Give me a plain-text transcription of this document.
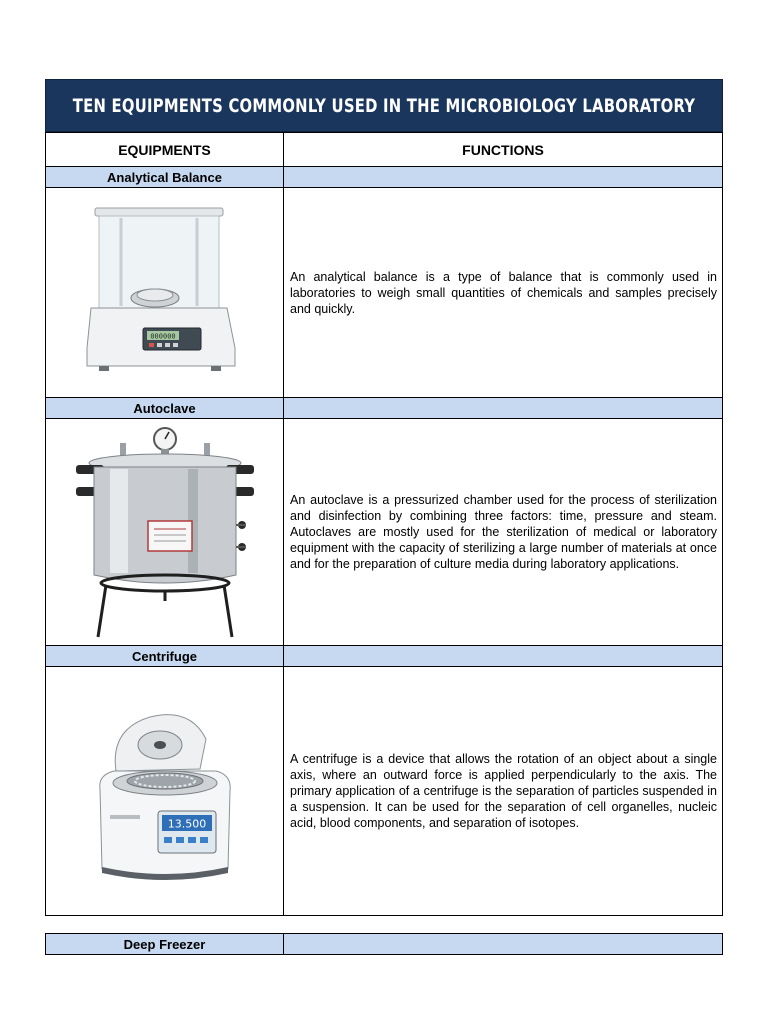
TEN EQUIPMENTS COMMONLY USED IN THE MICROBIOLOGY LABORATORY
EQUIPMENTS	FUNCTIONS
Analytical Balance	

000000	An analytical balance is a type of balance that is commonly used in laboratories to weigh small quantities of chemicals and samples precisely and quickly.
Autoclave	

	An autoclave is a pressurized chamber used for the process of sterilization and disinfection by combining three factors: time, pressure and steam. Autoclaves are mostly used for the sterilization of medical or laboratory equipment with the capacity of sterilizing a large number of materials at once and for the preparation of culture media during laboratory applications.
Centrifuge	

13.500	A centrifuge is a device that allows the rotation of an object about a single axis, where an outward force is applied perpendicularly to the axis. The primary application of a centrifuge is the separation of particles suspended in a suspension. It can be used for the separation of cell organelles, nucleic acid, blood components, and separation of isotopes.
Deep Freezer	
